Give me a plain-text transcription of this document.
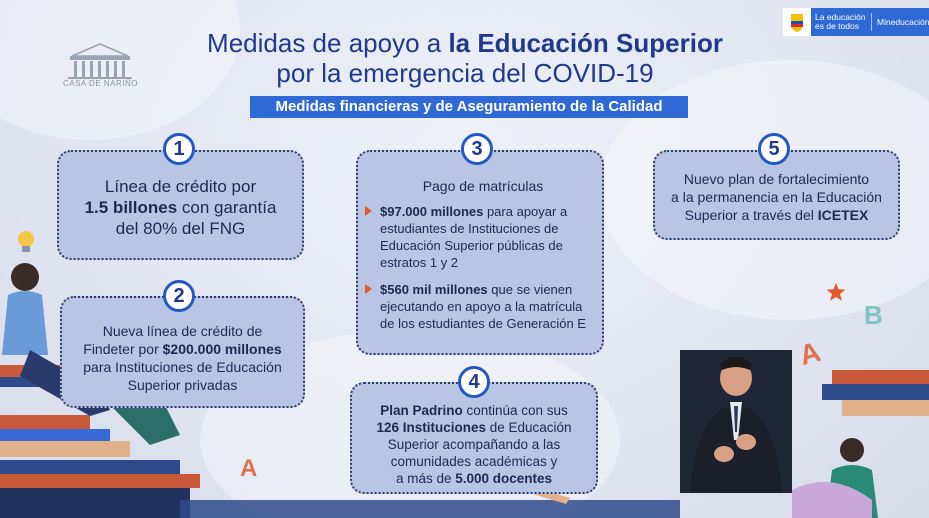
CASA DE NARIÑO
La educación
es de todos	Mineducación
Medidas de apoyo a la Educación Superior
por la emergencia del COVID-19
Medidas financieras y de Aseguramiento de la Calidad
B
A
A
Línea de crédito por
1.5 billones con garantía
del 80% del FNG
1
Nueva línea de crédito de
Findeter por $200.000 millones
para Instituciones de Educación
Superior privadas
2
Pago de matrículas
$97.000 millones para apoyar a estudiantes de Instituciones de Educación Superior públicas de estratos 1 y 2
$560 mil millones que se vienen ejecutando en apoyo a la matrícula de los estudiantes de Generación E
3
Plan Padrino continúa con sus
126 Instituciones de Educación
Superior acompañando a las
comunidades académicas y
a más de 5.000 docentes
4
Nuevo plan de fortalecimiento
a la permanencia en la Educación
Superior a través del ICETEX
5
